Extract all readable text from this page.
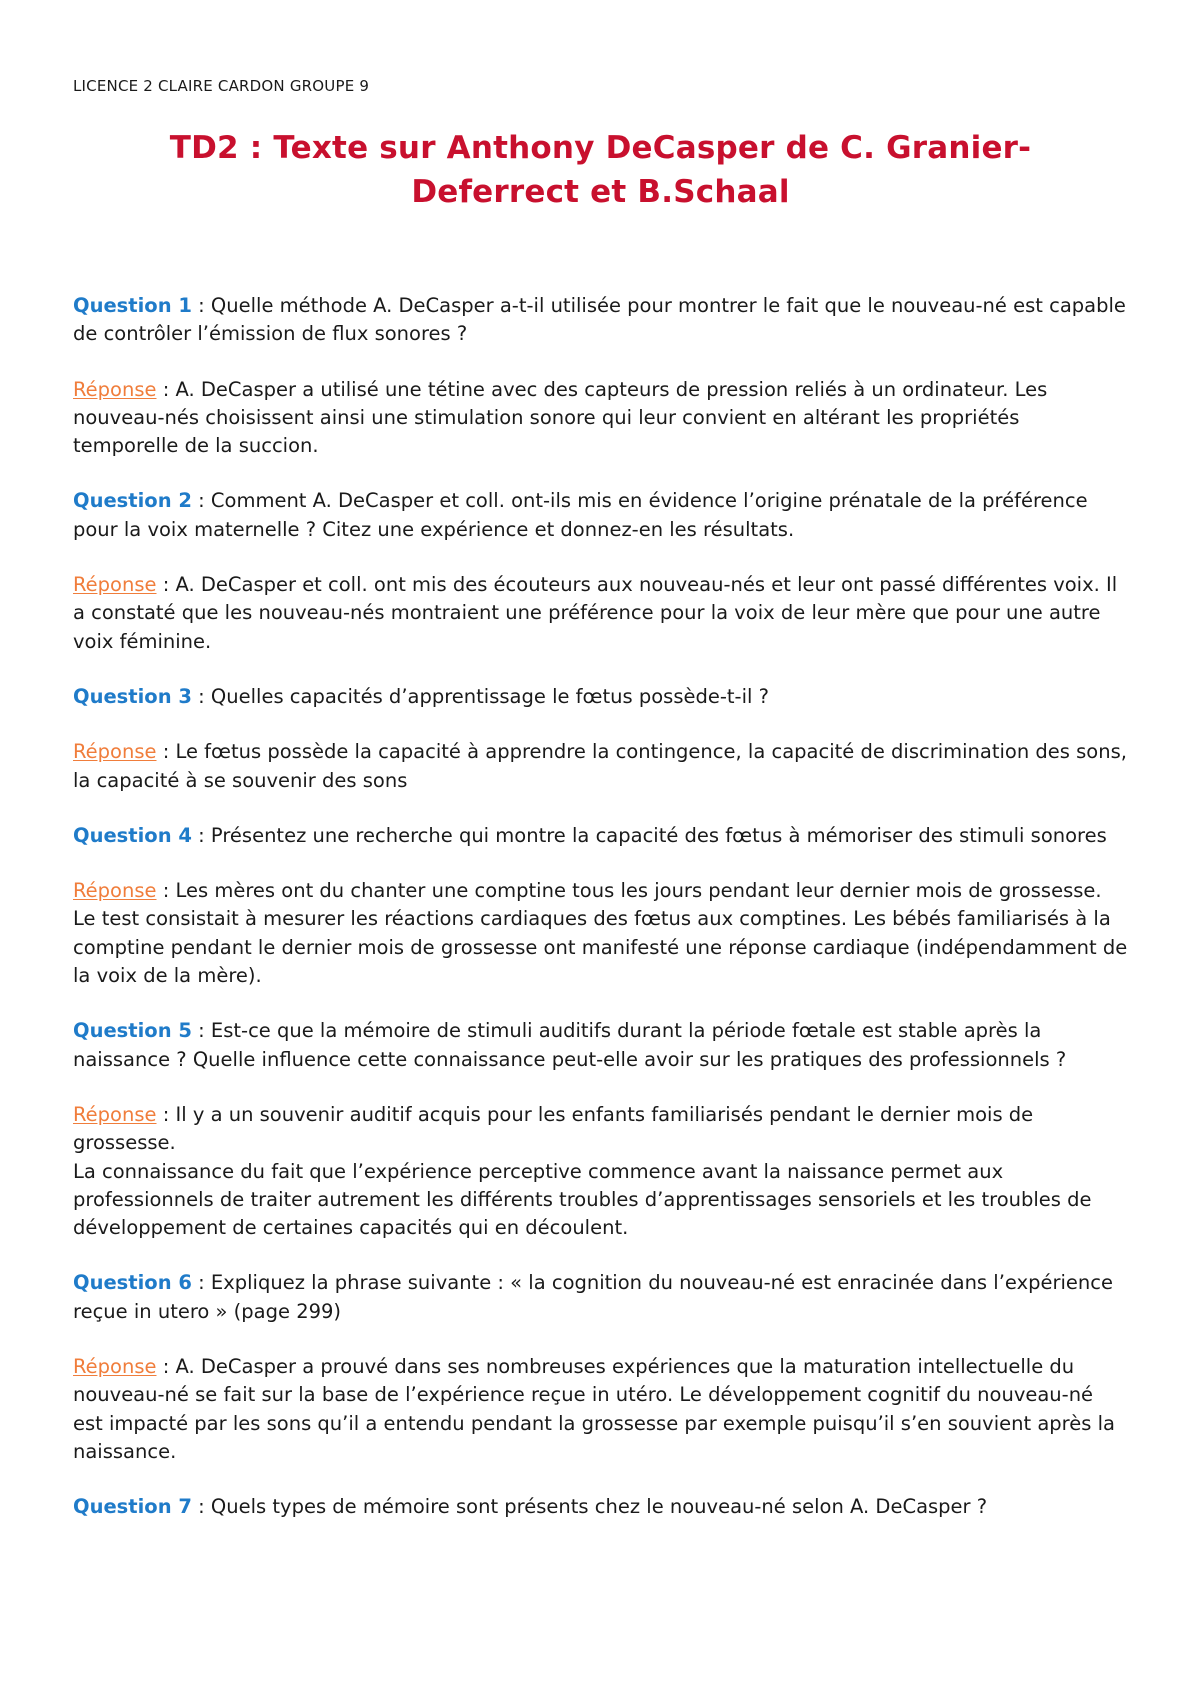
LICENCE 2 CLAIRE CARDON GROUPE 9
TD2 : Texte sur Anthony DeCasper de C. Granier-
Deferrect et B.Schaal
Question 1 : Quelle méthode A. DeCasper a-t-il utilisée pour montrer le fait que le nouveau-né est capable de contrôler l’émission de flux sonores ?
Réponse : A. DeCasper a utilisé une tétine avec des capteurs de pression reliés à un ordinateur. Les nouveau-nés choisissent ainsi une stimulation sonore qui leur convient en altérant les propriétés temporelle de la succion.
Question 2 : Comment A. DeCasper et coll. ont-ils mis en évidence l’origine prénatale de la préférence pour la voix maternelle ? Citez une expérience et donnez-en les résultats.
Réponse : A. DeCasper et coll. ont mis des écouteurs aux nouveau-nés et leur ont passé différentes voix. Il a constaté que les nouveau-nés montraient une préférence pour la voix de leur mère que pour une autre voix féminine.
Question 3 : Quelles capacités d’apprentissage le fœtus possède-t-il ?
Réponse : Le fœtus possède la capacité à apprendre la contingence, la capacité de discrimination des sons, la capacité à se souvenir des sons
Question 4 : Présentez une recherche qui montre la capacité des fœtus à mémoriser des stimuli sonores
Réponse : Les mères ont du chanter une comptine tous les jours pendant leur dernier mois de grossesse. Le test consistait à mesurer les réactions cardiaques des fœtus aux comptines. Les bébés familiarisés à la comptine pendant le dernier mois de grossesse ont manifesté une réponse cardiaque (indépendamment de la voix de la mère).
Question 5 : Est-ce que la mémoire de stimuli auditifs durant la période fœtale est stable après la naissance ? Quelle influence cette connaissance peut-elle avoir sur les pratiques des professionnels ?
Réponse : Il y a un souvenir auditif acquis pour les enfants familiarisés pendant le dernier mois de grossesse.
La connaissance du fait que l’expérience perceptive commence avant la naissance permet aux professionnels de traiter autrement les différents troubles d’apprentissages sensoriels et les troubles de développement de certaines capacités qui en découlent.
Question 6 : Expliquez la phrase suivante : « la cognition du nouveau-né est enracinée dans l’expérience reçue in utero » (page 299)
Réponse : A. DeCasper a prouvé dans ses nombreuses expériences que la maturation intellectuelle du nouveau-né se fait sur la base de l’expérience reçue in utéro. Le développement cognitif du nouveau-né est impacté par les sons qu’il a entendu pendant la grossesse par exemple puisqu’il s’en souvient après la naissance.
Question 7 : Quels types de mémoire sont présents chez le nouveau-né selon A. DeCasper ?
